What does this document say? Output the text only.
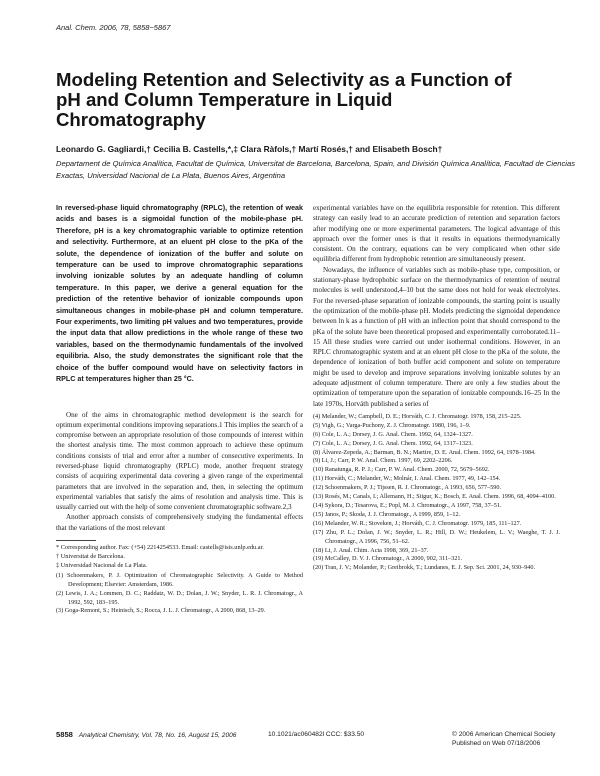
Anal. Chem. 2006, 78, 5858−5867
Modeling Retention and Selectivity as a Function of pH and Column Temperature in Liquid Chromatography
Leonardo G. Gagliardi,† Cecilia B. Castells,*,‡ Clara Ràfols,† Martí Rosés,† and Elisabeth Bosch†
Departament de Química Analítica, Facultat de Química, Universitat de Barcelona, Barcelona, Spain, and División Química Analítica, Facultad de Ciencias Exactas, Universidad Nacional de La Plata, Buenos Aires, Argentina

In reversed-phase liquid chromatography (RPLC), the retention of weak acids and bases is a sigmoidal function of the mobile-phase pH. Therefore, pH is a key chromatographic variable to optimize retention and selectivity. Furthermore, at an eluent pH close to the pKa of the solute, the dependence of ionization of the buffer and solute on temperature can be used to improve chromatographic separations involving ionizable solutes by an adequate handling of column temperature. In this paper, we derive a general equation for the prediction of the retentive behavior of ionizable compounds upon simultaneous changes in mobile-phase pH and column temperature. Four experiments, two limiting pH values and two temperatures, provide the input data that allow predictions in the whole range of these two variables, based on the thermodynamic fundamentals of the involved equilibria. Also, the study demonstrates the significant role that the choice of the buffer compound would have on selectivity factors in RPLC at temperatures higher than 25 °C.

One of the aims in chromatographic method development is the search for optimum experimental conditions improving separations.1 This implies the search of a compromise between an appropriate resolution of those compounds of interest within the shortest analysis time. The most common approach to achieve these optimum conditions consists of trial and error after a number of consecutive experiments. In reversed-phase liquid chromatography (RPLC) mode, another frequent strategy consists of acquiring experimental data covering a given range of the experimental parameters that are involved in the separation and, then, in selecting the optimum experimental variables that satisfy the aims of resolution and analysis time. This is usually carried out with the help of some convenient chromatographic software.2,3

Another approach consists of comprehensively studying the fundamental effects that the variations of the most relevant

* Corresponding author. Fax: (+54) 2214254533. Email: castells@isis.unlp.edu.ar.

† Universitat de Barcelona.

‡ Universidad Nacional de La Plata.

(1) Schoenmakers, P. J. Optimization of Chromatographic Selectivity. A Guide to Method Development; Elsevier: Amsterdam, 1986.

(2) Lewis, J. A.; Lommen, D. C.; Raddatz, W. D.; Dolan, J. W.; Snyder, L. R. J. Chromatogr., A 1992, 592, 183–195.

(3) Goga-Remont, S.; Heinisch, S.; Rocca, J. L. J. Chromatogr., A 2000, 868, 13–29.

experimental variables have on the equilibria responsible for retention. This different strategy can easily lead to an accurate prediction of retention and separation factors after modifying one or more experimental parameters. The logical advantage of this approach over the former ones is that it results in equations thermodynamically consistent. On the contrary, equations can be very complicated when other side equilibria different from hydrophobic retention are simultaneously present.

Nowadays, the influence of variables such as mobile-phase type, composition, or stationary-phase hydrophobic surface on the thermodynamics of retention of neutral molecules is well understood,4–10 but the same does not hold for weak electrolytes. For the reversed-phase separation of ionizable compounds, the starting point is usually the optimization of the mobile-phase pH. Models predicting the sigmoidal dependence between ln k as a function of pH with an inflection point that should correspond to the pKa of the solute have been theoretical proposed and experimentally corroborated.11–15 All these studies were carried out under isothermal conditions. However, in an RPLC chromatographic system and at an eluent pH close to the pKa of the solute, the dependence of ionization of both buffer acid component and solute on temperature might be used to develop and improve separations involving ionizable solutes by an adequate adjustment of column temperature. There are only a few studies about the optimization of temperature upon the separation of ionizable compounds.16–25 In the late 1970s, Horváth published a series of

(4) Melander, W.; Campbell, D. E.; Horváth, C. J. Chromatogr. 1978, 158, 215–225.

(5) Vigh, G.; Varga-Puchony, Z. J. Chromatogr. 1980, 196, 1–9.

(6) Cole, L. A.; Dorsey, J. G. Anal. Chem. 1992, 64, 1324–1327.

(7) Cole, L. A.; Dorsey, J. G. Anal. Chem. 1992, 64, 1317–1323.

(8) Álvarez-Zepeda, A.; Barman, B. N.; Martire, D. E. Anal. Chem. 1992, 64, 1978–1984.

(9) Li, J.; Carr, P. W. Anal. Chem. 1997, 69, 2202–2206.

(10) Ranatunga, R. P. J.; Carr, P. W. Anal. Chem. 2000, 72, 5679–5692.

(11) Horváth, C.; Melander, W.; Molnár, I. Anal. Chem. 1977, 49, 142–154.

(12) Schoenmakers, P. J.; Tijssen, R. J. Chromatogr., A 1993, 656, 577–590.

(13) Rosés, M.; Canals, I.; Allemann, H.; Siigur, K.; Bosch, E. Anal. Chem. 1996, 68, 4094–4100.

(14) Sykora, D.; Tesarova, E.; Popl, M. J. Chromatogr., A 1997, 758, 37–51.

(15) Janos, P.; Skoda, J. J. Chromatogr., A 1999, 859, 1–12.

(16) Melander, W. R.; Stoveken, J.; Horváth, C. J. Chromatogr. 1979, 185, 111–127.

(17) Zhu, P. L.; Dolan, J. W.; Snyder, L. R.; Hill, D. W.; Heukelem, L. V.; Waeghe, T. J. J. Chromatogr., A 1996, 756, 51–62.

(18) Li, J. Anal. Chim. Acta 1998, 369, 21–37.

(19) McCalley, D. V. J. Chromatogr., A 2000, 902, 311–321.

(20) Tran, J. V.; Molander, P.; Greibrokk, T.; Lundanes, E. J. Sep. Sci. 2001, 24, 930–940.

5858 Analytical Chemistry, Vol. 78, No. 16, August 15, 2006	10.1021/ac060482l CCC: $33.50	© 2006 American Chemical Society
Published on Web 07/18/2006
